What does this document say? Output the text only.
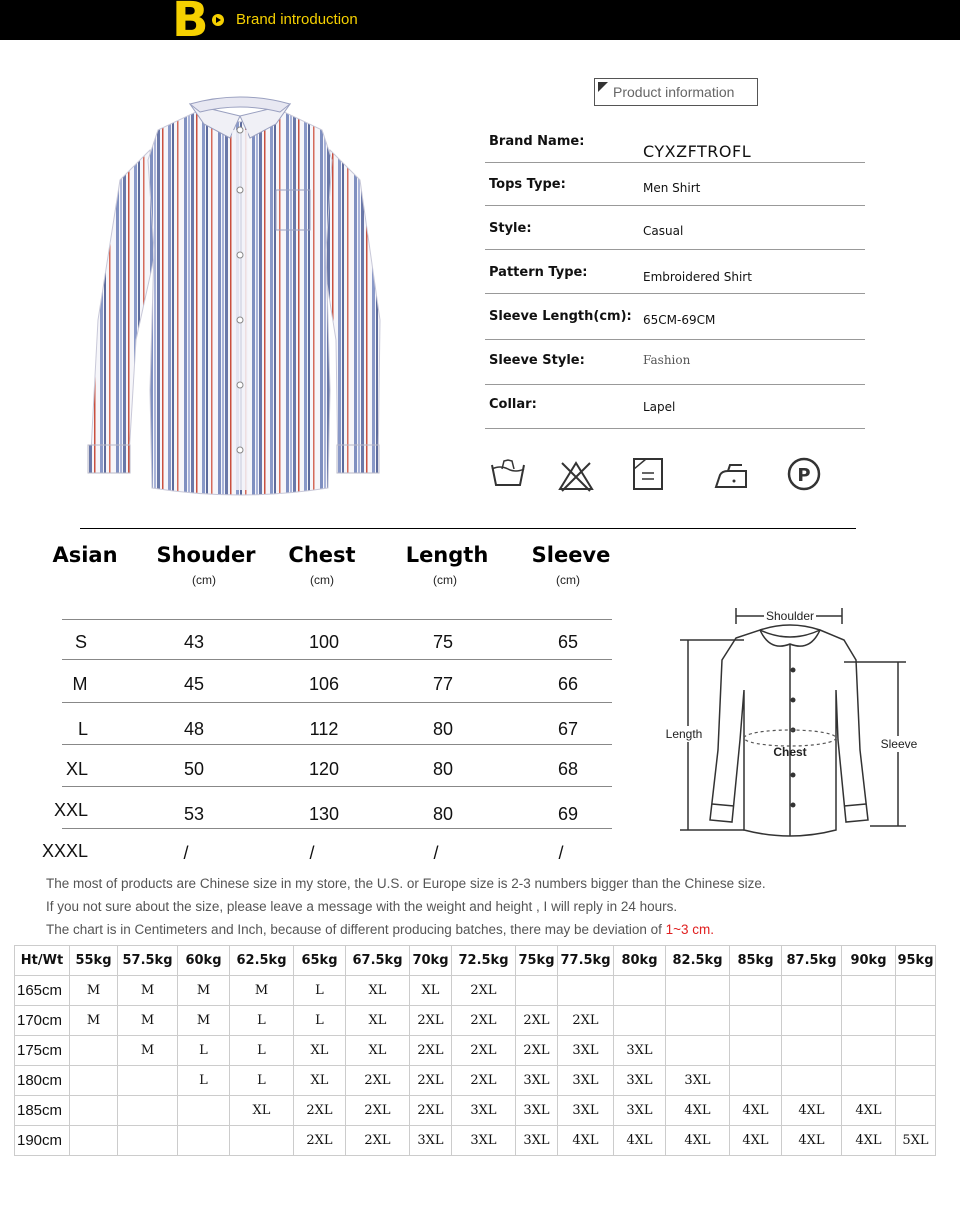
B Brand introduction
Product information
Brand Name:
CYXZFTROFL
Tops Type:	Men Shirt
Style:	Casual
Pattern Type:	Embroidered Shirt
Sleeve Length(cm): 65CM-69CM
Sleeve Style:	Fashion
Collar:	Lapel
P
Asian	Shouder	Chest	Length	Sleeve
(cm)	(cm)	(cm)	(cm)
S	43	100	75	65
M	45	106	77	66
L	48	112	80	67
XL	50	120	80	68
XXL	53	130	80	69
XXXL	/	/	/	/
Shoulder
Length
Chest
Sleeve
The most of products are Chinese size in my store, the U.S. or Europe size is 2-3 numbers bigger than the Chinese size.
If you not sure about the size, please leave a message with the weight and height , I will reply in 24 hours.
The chart is in Centimeters and Inch, because of different producing batches, there may be deviation of 1~3 cm.
Ht/Wt	55kg	57.5kg	60kg	62.5kg	65kg	67.5kg	70kg	72.5kg	75kg	77.5kg	80kg	82.5kg	85kg	87.5kg	90kg	95kg
165cm	M	M	M	M	L	XL	XL	2XL								
170cm	M	M	M	L	L	XL	2XL	2XL	2XL	2XL						
175cm		M	L	L	XL	XL	2XL	2XL	2XL	3XL	3XL					
180cm			L	L	XL	2XL	2XL	2XL	3XL	3XL	3XL	3XL				
185cm				XL	2XL	2XL	2XL	3XL	3XL	3XL	3XL	4XL	4XL	4XL	4XL	
190cm					2XL	2XL	3XL	3XL	3XL	4XL	4XL	4XL	4XL	4XL	4XL	5XL
